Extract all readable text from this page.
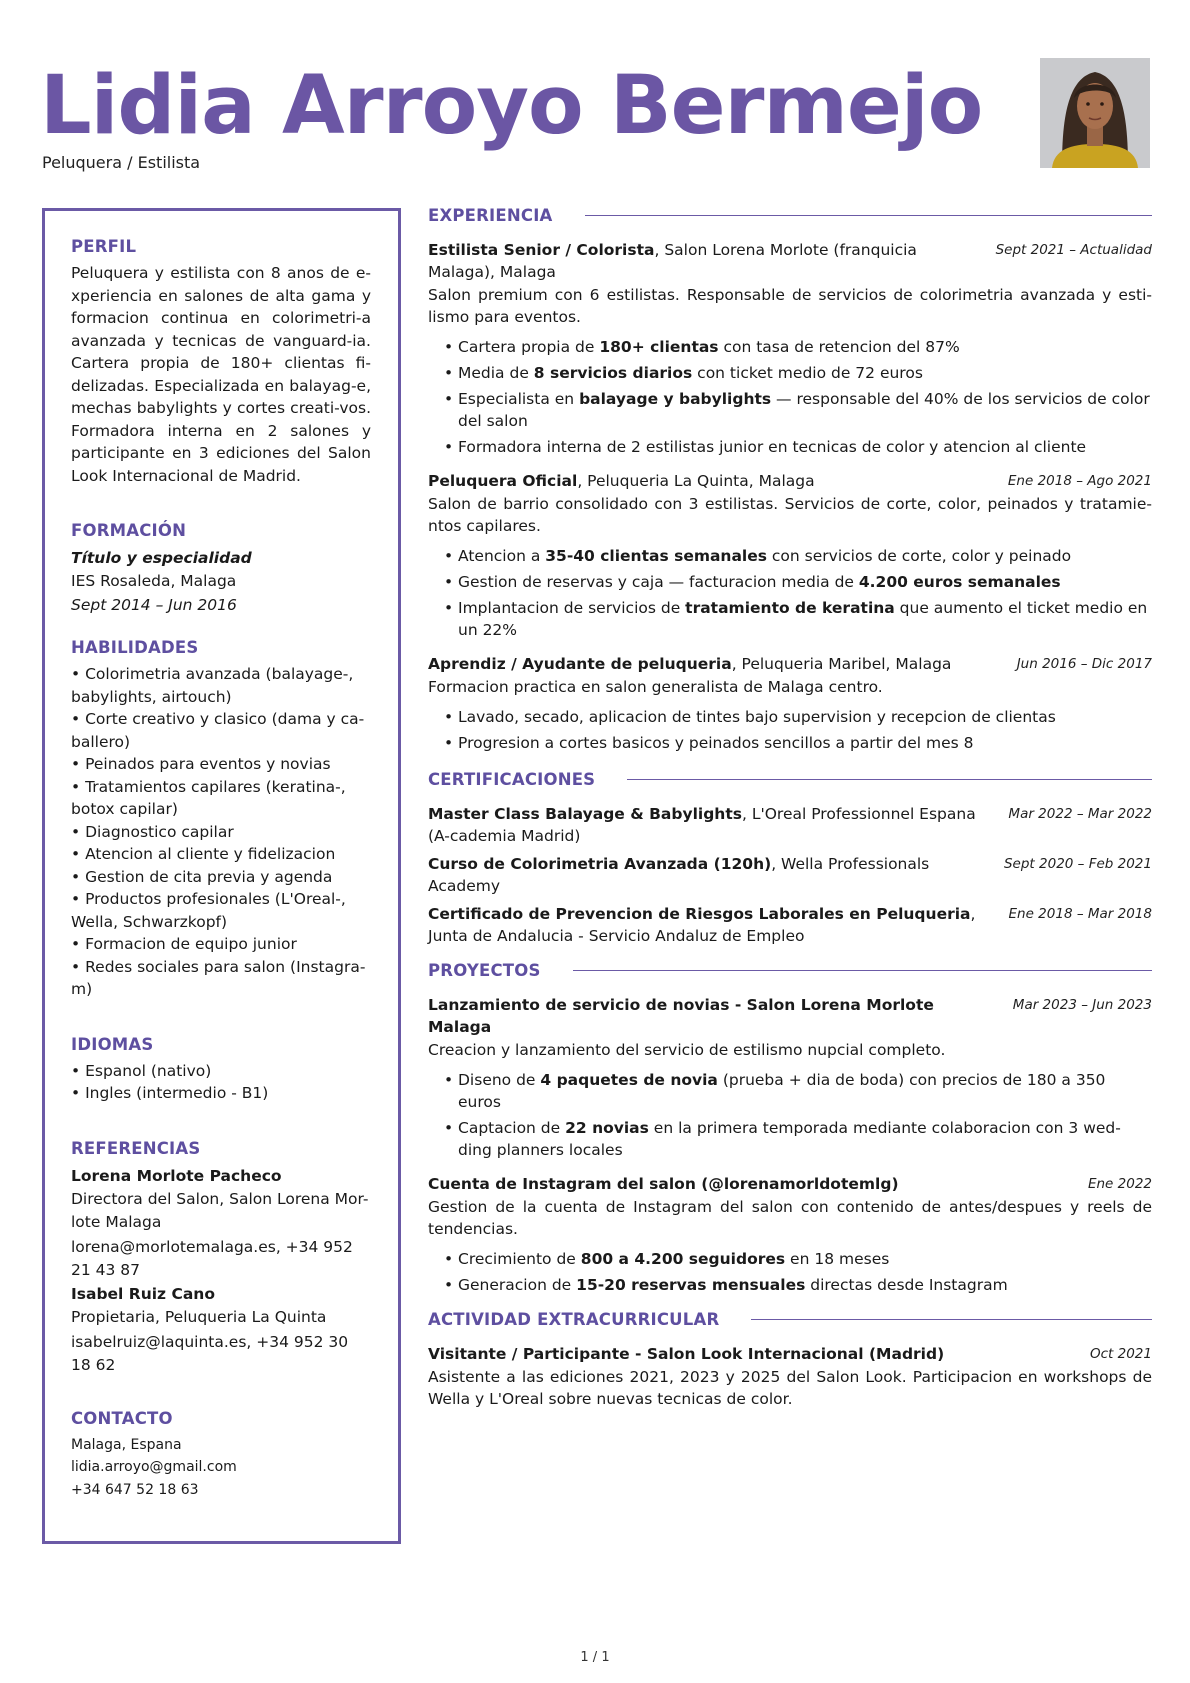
Lidia Arroyo Bermejo
Peluquera / Estilista
PERFIL

Peluquera y estilista con 8 anos de e-xperiencia en salones de alta gama y formacion continua en colorimetri-a avanzada y tecnicas de vanguard-ia. Cartera propia de 180+ clientas fi-delizadas. Especializada en balayag-e, mechas babylights y cortes creati-vos. Formadora interna en 2 salones y participante en 3 ediciones del Salon Look Internacional de Madrid.

FORMACIÓN
Título y especialidad
IES Rosaleda, Malaga
Sept 2014 – Jun 2016
HABILIDADES
• Colorimetria avanzada (balayage-, babylights, airtouch)
• Corte creativo y clasico (dama y ca-ballero)
• Peinados para eventos y novias
• Tratamientos capilares (keratina-, botox capilar)
• Diagnostico capilar
• Atencion al cliente y fidelizacion
• Gestion de cita previa y agenda
• Productos profesionales (L'Oreal-, Wella, Schwarzkopf)
• Formacion de equipo junior
• Redes sociales para salon (Instagra-m)
IDIOMAS
• Espanol (nativo)
• Ingles (intermedio - B1)
REFERENCIAS
Lorena Morlote Pacheco
Directora del Salon, Salon Lorena Mor-lote Malaga
lorena@morlotemalaga.es, +34 952 21 43 87
Isabel Ruiz Cano
Propietaria, Peluqueria La Quinta
isabelruiz@laquinta.es, +34 952 30 18 62
CONTACTO
Malaga, Espana
lidia.arroyo@gmail.com
+34 647 52 18 63
EXPERIENCIA
Estilista Senior / Colorista, Salon Lorena Morlote (franquicia Malaga), Malaga
Sept 2021 – Actualidad
Salon premium con 6 estilistas. Responsable de servicios de colorimetria avanzada y esti-lismo para eventos.
• Cartera propia de 180+ clientas con tasa de retencion del 87%
• Media de 8 servicios diarios con ticket medio de 72 euros
• Especialista en balayage y babylights — responsable del 40% de los servicios de color del salon
• Formadora interna de 2 estilistas junior en tecnicas de color y atencion al cliente
Peluquera Oficial, Peluqueria La Quinta, Malaga	Ene 2018 – Ago 2021
Salon de barrio consolidado con 3 estilistas. Servicios de corte, color, peinados y tratamie-ntos capilares.
• Atencion a 35-40 clientas semanales con servicios de corte, color y peinado
• Gestion de reservas y caja — facturacion media de 4.200 euros semanales
• Implantacion de servicios de tratamiento de keratina que aumento el ticket medio en un 22%
Aprendiz / Ayudante de peluqueria, Peluqueria Maribel, Malaga	Jun 2016 – Dic 2017
Formacion practica en salon generalista de Malaga centro.
• Lavado, secado, aplicacion de tintes bajo supervision y recepcion de clientas
• Progresion a cortes basicos y peinados sencillos a partir del mes 8
CERTIFICACIONES
Master Class Balayage & Babylights, L'Oreal Professionnel Espana (A-cademia Madrid)
Mar 2022 – Mar 2022
Curso de Colorimetria Avanzada (120h), Wella Professionals Academy
Sept 2020 – Feb 2021
Certificado de Prevencion de Riesgos Laborales en Peluqueria, Junta de Andalucia - Servicio Andaluz de Empleo
Ene 2018 – Mar 2018
PROYECTOS
Lanzamiento de servicio de novias - Salon Lorena Morlote Malaga
Mar 2023 – Jun 2023
Creacion y lanzamiento del servicio de estilismo nupcial completo.
• Diseno de 4 paquetes de novia (prueba + dia de boda) con precios de 180 a 350 euros
• Captacion de 22 novias en la primera temporada mediante colaboracion con 3 wed-ding planners locales
Cuenta de Instagram del salon (@lorenamorldotemlg)	Ene 2022
Gestion de la cuenta de Instagram del salon con contenido de antes/despues y reels de tendencias.
• Crecimiento de 800 a 4.200 seguidores en 18 meses
• Generacion de 15-20 reservas mensuales directas desde Instagram
ACTIVIDAD EXTRACURRICULAR
Visitante / Participante - Salon Look Internacional (Madrid)	Oct 2021
Asistente a las ediciones 2021, 2023 y 2025 del Salon Look. Participacion en workshops de Wella y L'Oreal sobre nuevas tecnicas de color.
1 / 1
